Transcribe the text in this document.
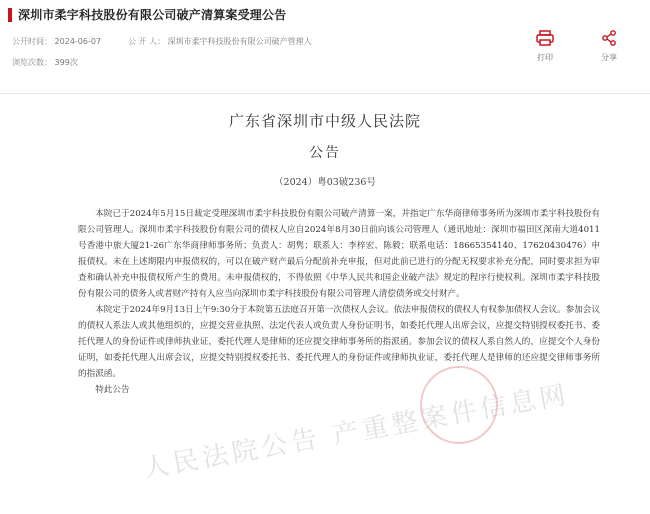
深圳市柔宇科技股份有限公司破产清算案受理公告
公开时间： 2024-06-07	公 开 人： 深圳市柔宇科技股份有限公司破产管理人
浏览次数： 399次
打印	分享
广东省深圳市中级人民法院
公告
（2024）粤03破236号

本院已于2024年5月15日裁定受理深圳市柔宇科技股份有限公司破产清算一案，并指定广东华商律师事务所为深圳市柔宇科技股份有限公司管理人。深圳市柔宇科技股份有限公司的债权人应自2024年8月30日前向该公司管理人（通讯地址：深圳市福田区深南大道4011号香港中旅大厦21-26广东华商律师事务所；负责人：胡隽；联系人：李梓宏、陈毅；联系电话：18665354140、17620430476）申报债权。未在上述期限内申报债权的，可以在破产财产最后分配前补充申报，但对此前已进行的分配无权要求补充分配，同时要求担为审查和确认补充申报债权所产生的费用。未申报债权的，不得依照《中华人民共和国企业破产法》规定的程序行使权利。深圳市柔宇科技股份有限公司的债务人或者财产持有人应当向深圳市柔宇科技股份有限公司管理人清偿债务或交付财产。

本院定于2024年9月13日上午9:30分于本院第五法庭召开第一次债权人会议。依法申报债权的债权人有权参加债权人会议。参加会议的债权人系法人或其他组织的，应提交营业执照、法定代表人或负责人身份证明书，如委托代理人出席会议，应提交特别授权委托书、委托代理人的身份证件或律师执业证，委托代理人是律师的还应提交律师事务所的指派函。参加会议的债权人系自然人的，应提交个人身份证明，如委托代理人出席会议，应提交特别授权委托书、委托代理人的身份证件或律师执业证，委托代理人是律师的还应提交律师事务所的指派函。

特此公告 人民法院公告 产重整案件信息网
